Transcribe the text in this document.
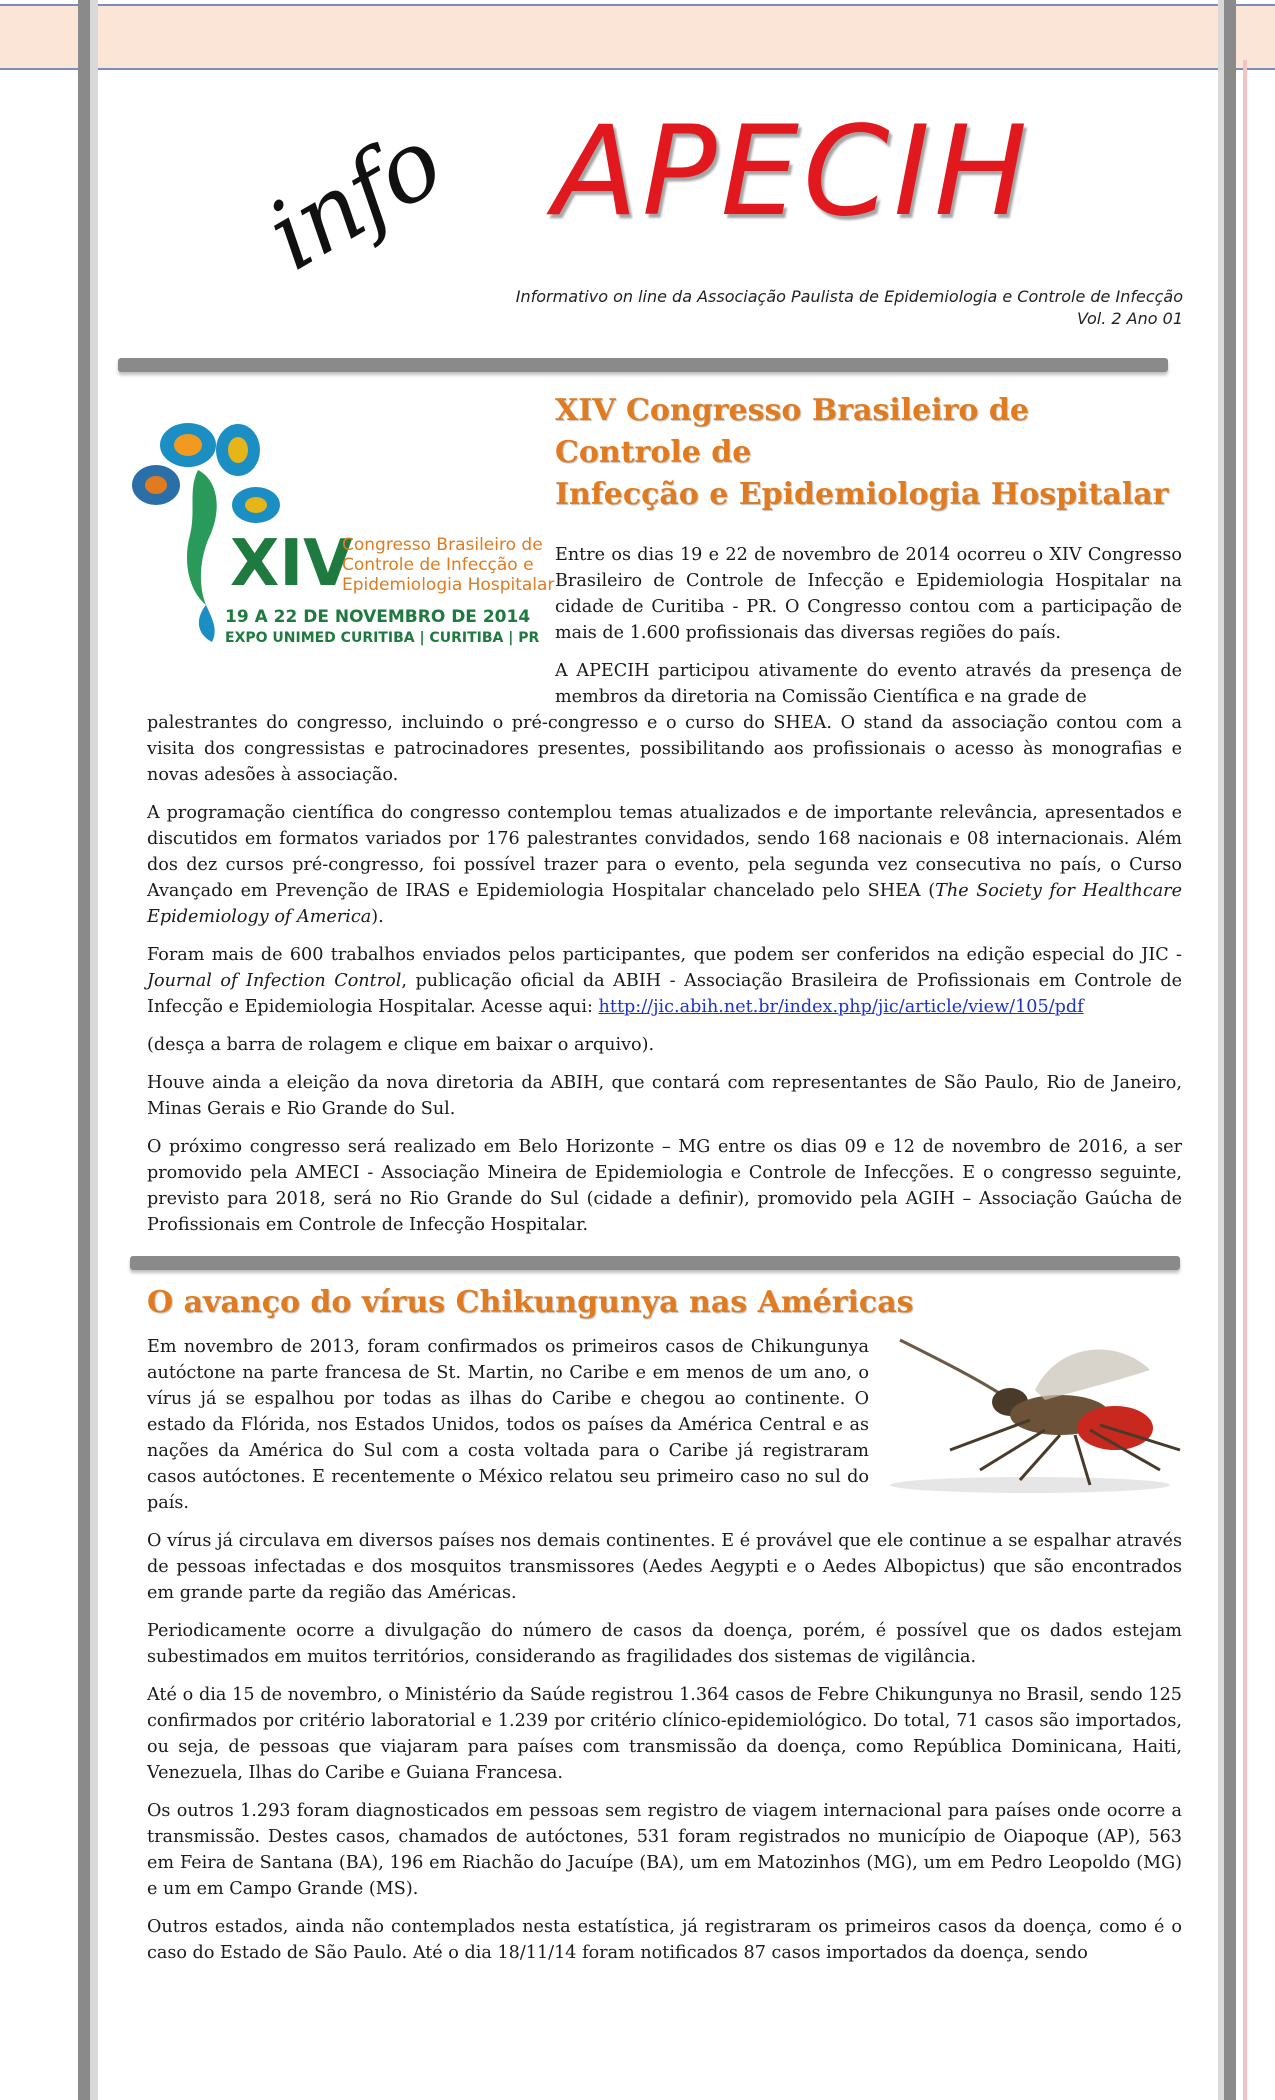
info APECIH
Informativo on line da Associação Paulista de Epidemiologia e Controle de Infecção
Vol. 2 Ano 01
XIV
Congresso Brasileiro de
Controle de Infecção e
Epidemiologia Hospitalar
19 A 22 DE NOVEMBRO DE 2014
EXPO UNIMED CURITIBA | CURITIBA | PR
XIV Congresso Brasileiro de Controle de
Infecção e Epidemiologia Hospitalar

Entre os dias 19 e 22 de novembro de 2014 ocorreu o XIV Congresso Brasileiro de Controle de Infecção e Epidemiologia Hospitalar na cidade de Curitiba - PR. O Congresso contou com a participação de mais de 1.600 profissionais das diversas regiões do país.

A APECIH participou ativamente do evento através da presença de membros da diretoria na Comissão Científica e na grade de

palestrantes do congresso, incluindo o pré-congresso e o curso do SHEA. O stand da associação contou com a visita dos congressistas e patrocinadores presentes, possibilitando aos profissionais o acesso às monografias e novas adesões à associação.

A programação científica do congresso contemplou temas atualizados e de importante relevância, apresentados e discutidos em formatos variados por 176 palestrantes convidados, sendo 168 nacionais e 08 internacionais. Além dos dez cursos pré-congresso, foi possível trazer para o evento, pela segunda vez consecutiva no país, o Curso Avançado em Prevenção de IRAS e Epidemiologia Hospitalar chancelado pelo SHEA (The Society for Healthcare Epidemiology of America).

Foram mais de 600 trabalhos enviados pelos participantes, que podem ser conferidos na edição especial do JIC - Journal of Infection Control, publicação oficial da ABIH - Associação Brasileira de Profissionais em Controle de Infecção e Epidemiologia Hospitalar. Acesse aqui: http://jic.abih.net.br/index.php/jic/article/view/105/pdf

(desça a barra de rolagem e clique em baixar o arquivo).

Houve ainda a eleição da nova diretoria da ABIH, que contará com representantes de São Paulo, Rio de Janeiro, Minas Gerais e Rio Grande do Sul.

O próximo congresso será realizado em Belo Horizonte – MG entre os dias 09 e 12 de novembro de 2016, a ser promovido pela AMECI - Associação Mineira de Epidemiologia e Controle de Infecções. E o congresso seguinte, previsto para 2018, será no Rio Grande do Sul (cidade a definir), promovido pela AGIH – Associação Gaúcha de Profissionais em Controle de Infecção Hospitalar.

O avanço do vírus Chikungunya nas Américas

Em novembro de 2013, foram confirmados os primeiros casos de Chikungunya autóctone na parte francesa de St. Martin, no Caribe e em menos de um ano, o vírus já se espalhou por todas as ilhas do Caribe e chegou ao continente. O estado da Flórida, nos Estados Unidos, todos os países da América Central e as nações da América do Sul com a costa voltada para o Caribe já registraram casos autóctones. E recentemente o México relatou seu primeiro caso no sul do país.

O vírus já circulava em diversos países nos demais continentes. E é provável que ele continue a se espalhar através de pessoas infectadas e dos mosquitos transmissores (Aedes Aegypti e o Aedes Albopictus) que são encontrados em grande parte da região das Américas.

Periodicamente ocorre a divulgação do número de casos da doença, porém, é possível que os dados estejam subestimados em muitos territórios, considerando as fragilidades dos sistemas de vigilância.

Até o dia 15 de novembro, o Ministério da Saúde registrou 1.364 casos de Febre Chikungunya no Brasil, sendo 125 confirmados por critério laboratorial e 1.239 por critério clínico-epidemiológico. Do total, 71 casos são importados, ou seja, de pessoas que viajaram para países com transmissão da doença, como República Dominicana, Haiti, Venezuela, Ilhas do Caribe e Guiana Francesa.

Os outros 1.293 foram diagnosticados em pessoas sem registro de viagem internacional para países onde ocorre a transmissão. Destes casos, chamados de autóctones, 531 foram registrados no município de Oiapoque (AP), 563 em Feira de Santana (BA), 196 em Riachão do Jacuípe (BA), um em Matozinhos (MG), um em Pedro Leopoldo (MG) e um em Campo Grande (MS).

Outros estados, ainda não contemplados nesta estatística, já registraram os primeiros casos da doença, como é o caso do Estado de São Paulo. Até o dia 18/11/14 foram notificados 87 casos importados da doença, sendo
